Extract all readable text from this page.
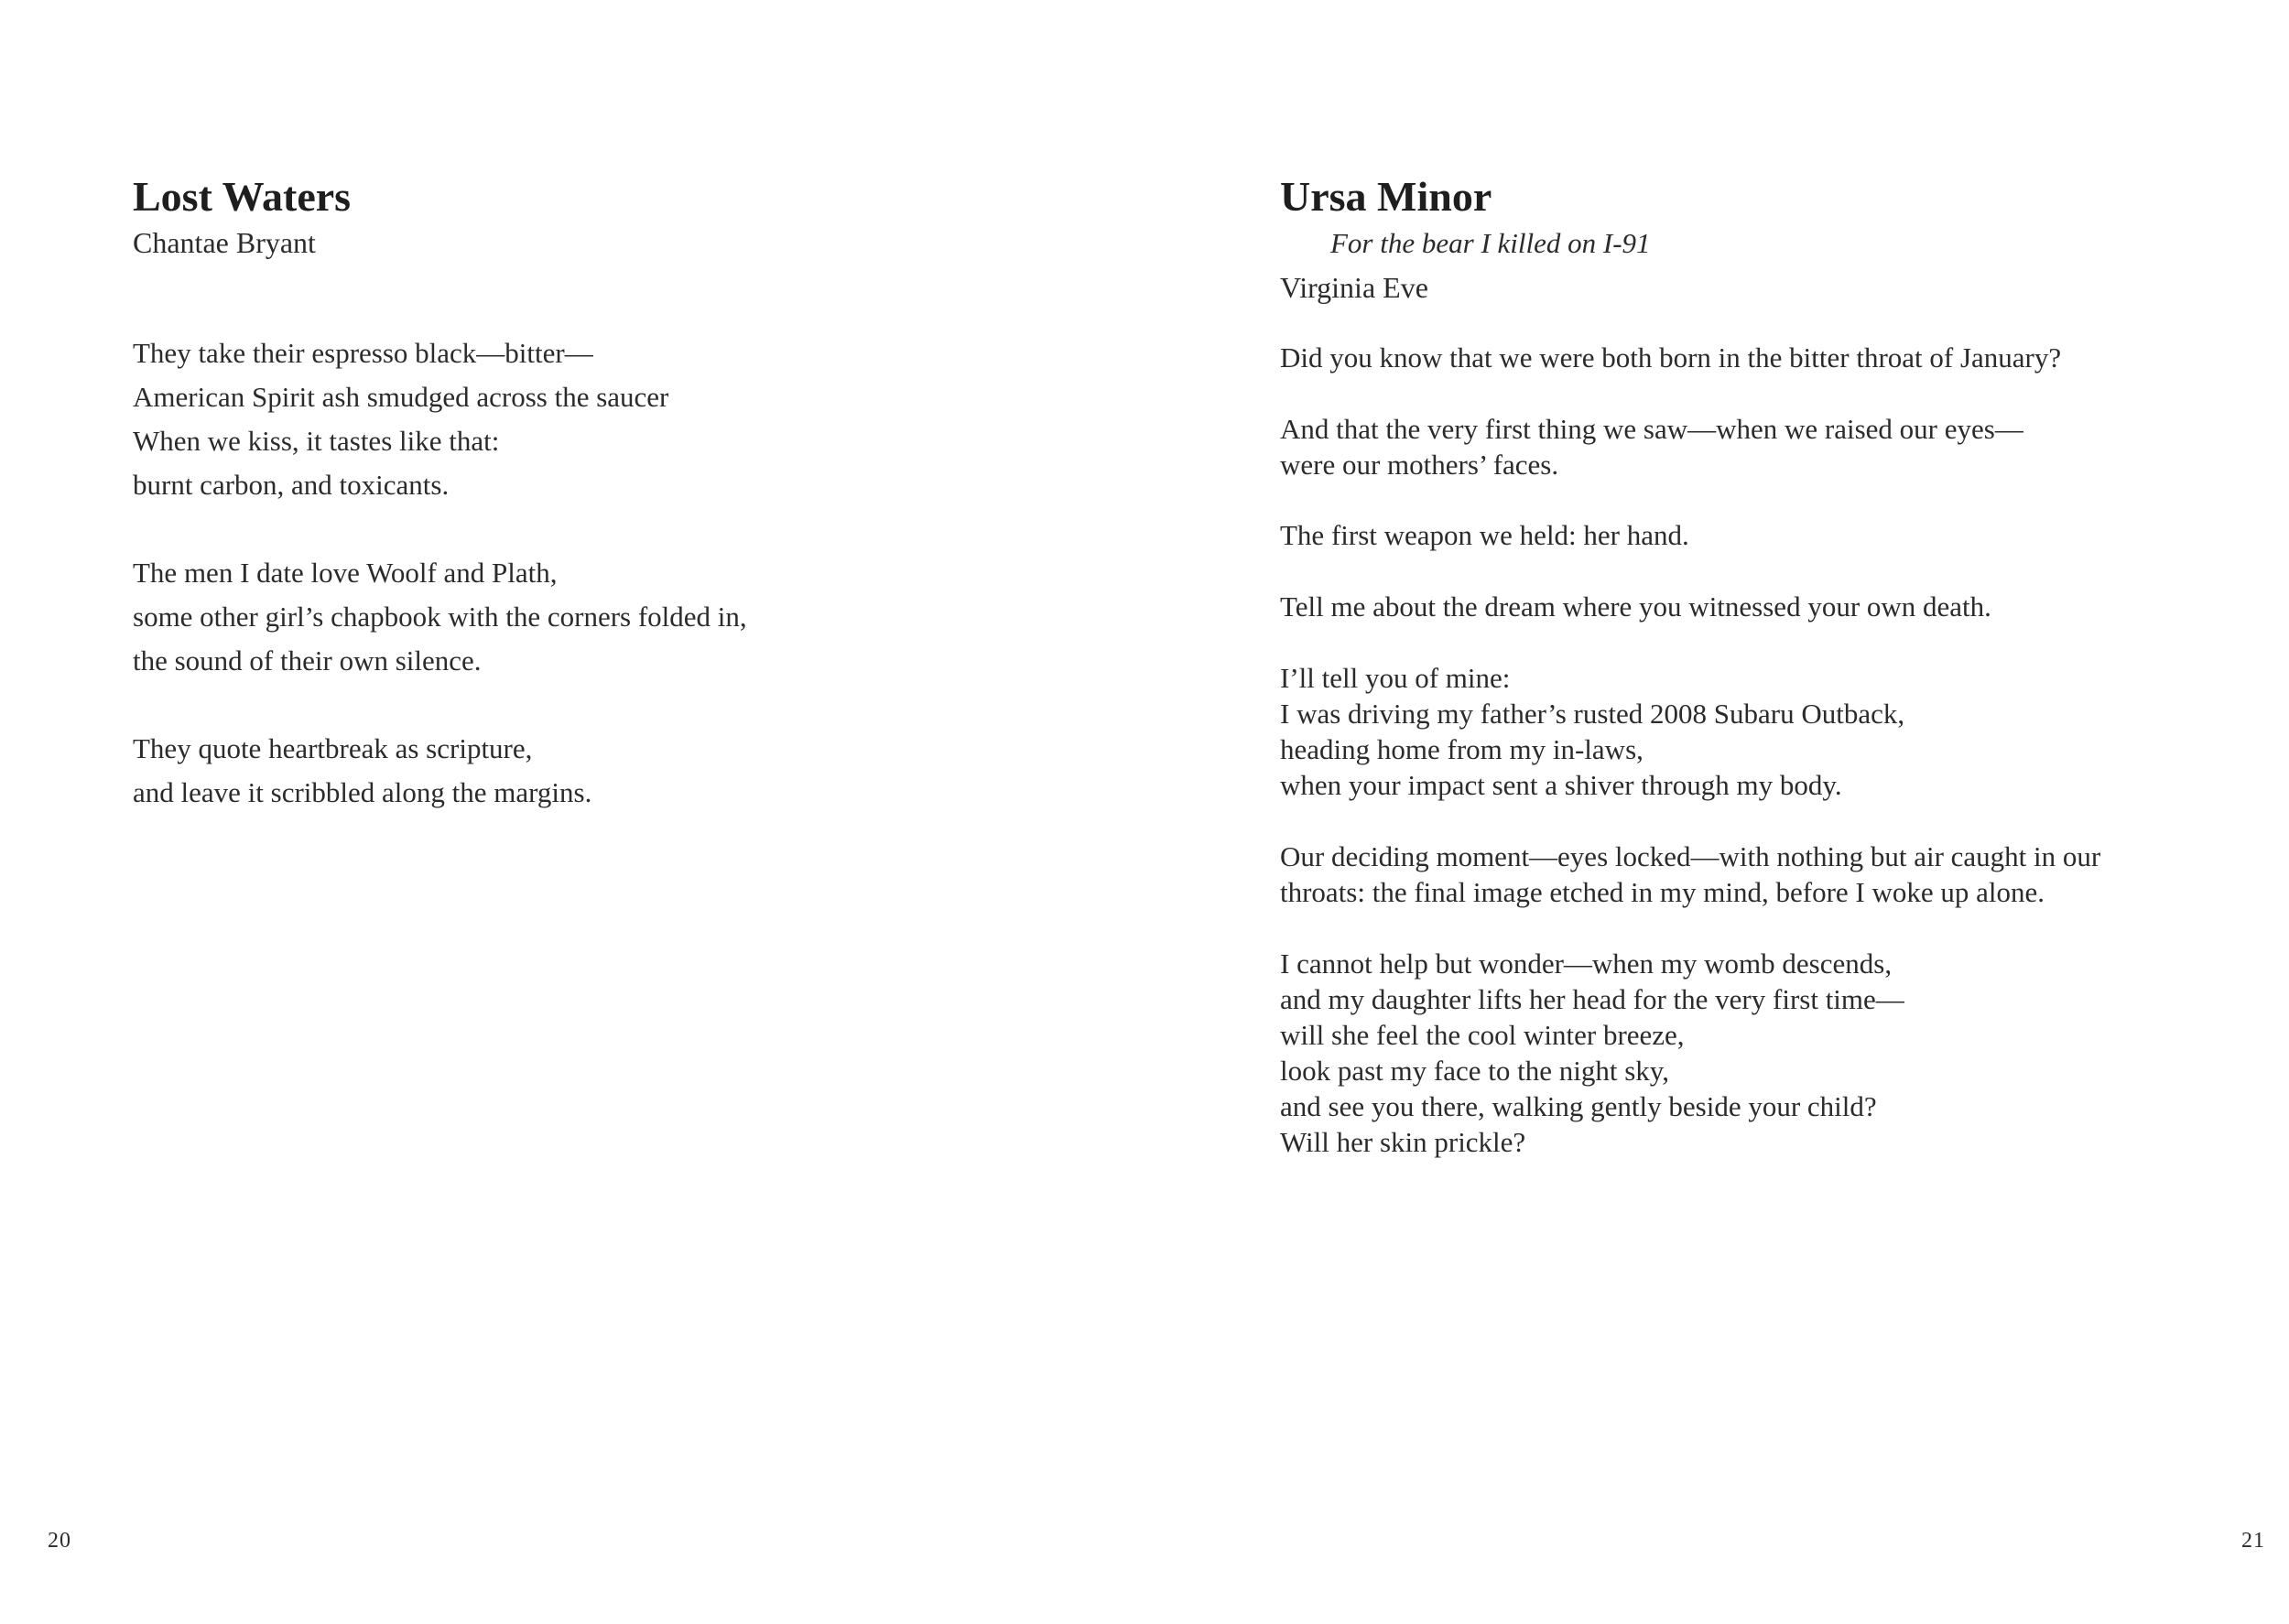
Lost Waters
Chantae Bryant

They take their espresso black—bitter—
American Spirit ash smudged across the saucer
When we kiss, it tastes like that:
burnt carbon, and toxicants.

The men I date love Woolf and Plath,
some other girl’s chapbook with the corners folded in,
the sound of their own silence.

They quote heartbreak as scripture,
and leave it scribbled along the margins.

20
Ursa Minor
For the bear I killed on I-91
Virginia Eve

Did you know that we were both born in the bitter throat of January?

And that the very first thing we saw—when we raised our eyes—
were our mothers’ faces.

The first weapon we held: her hand.

Tell me about the dream where you witnessed your own death.

I’ll tell you of mine:
I was driving my father’s rusted 2008 Subaru Outback,
heading home from my in-laws,
when your impact sent a shiver through my body.

Our deciding moment—eyes locked—with nothing but air caught in our
throats: the final image etched in my mind, before I woke up alone.

I cannot help but wonder—when my womb descends,
and my daughter lifts her head for the very first time—
will she feel the cool winter breeze,
look past my face to the night sky,
and see you there, walking gently beside your child?
Will her skin prickle?

21
